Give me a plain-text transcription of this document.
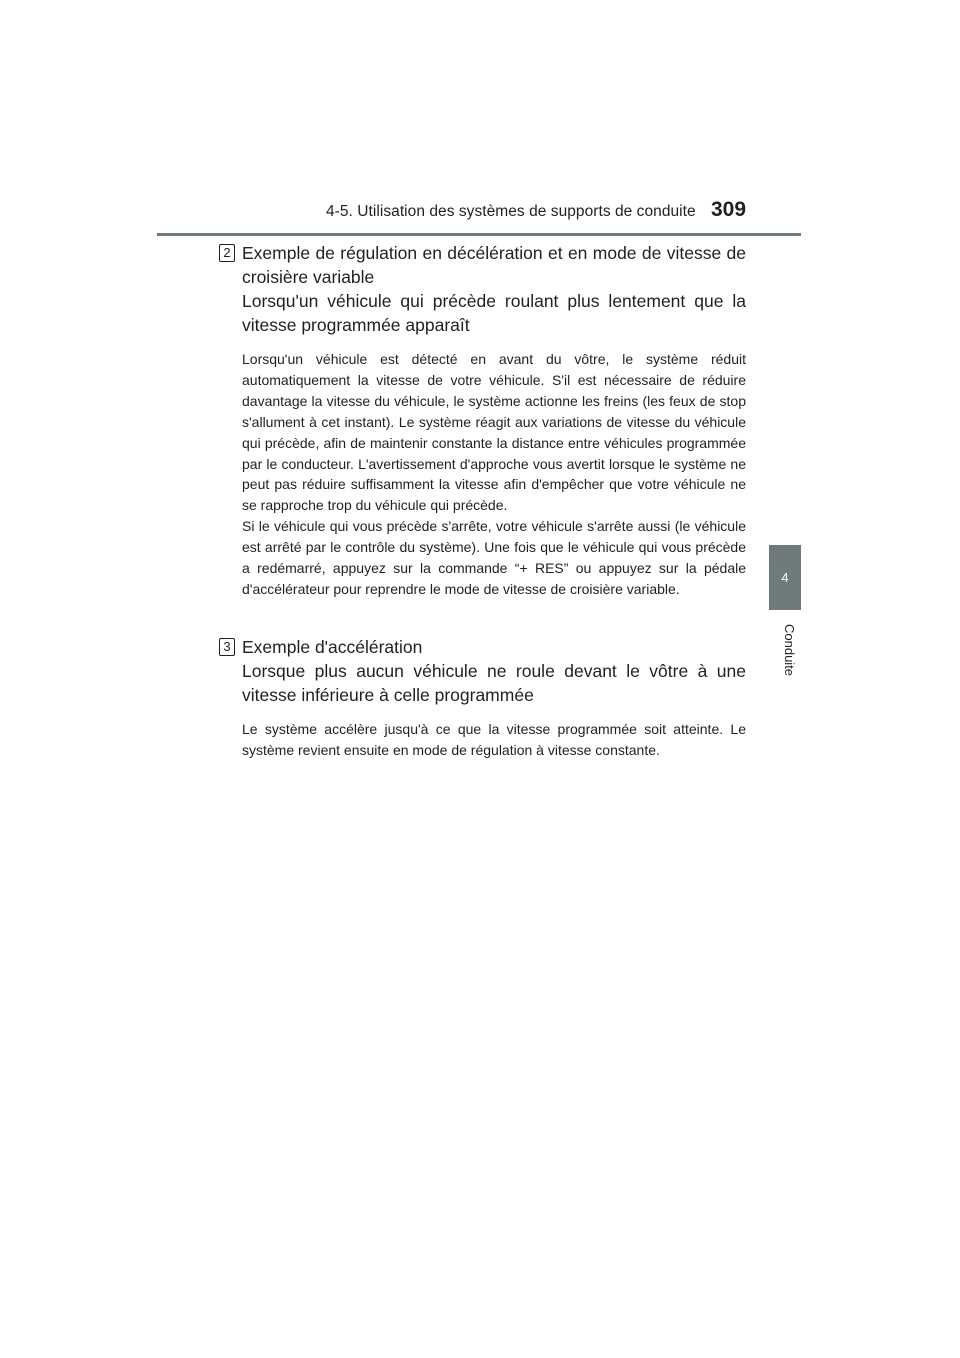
4-5. Utilisation des systèmes de supports de conduite 309
4
Conduite
2 Exemple de régulation en décélération et en mode de vitesse de croisière variable
Lorsqu'un véhicule qui précède roulant plus lentement que la vitesse programmée apparaît

Lorsqu'un véhicule est détecté en avant du vôtre, le système réduit automatiquement la vitesse de votre véhicule. S'il est nécessaire de réduire davantage la vitesse du véhicule, le système actionne les freins (les feux de stop s'allument à cet instant). Le système réagit aux variations de vitesse du véhicule qui précède, afin de maintenir constante la distance entre véhicules programmée par le conducteur. L'avertissement d'approche vous avertit lorsque le système ne peut pas réduire suffisamment la vitesse afin d'empêcher que votre véhicule ne se rapproche trop du véhicule qui précède.

Si le véhicule qui vous précède s'arrête, votre véhicule s'arrête aussi (le véhicule est arrêté par le contrôle du système). Une fois que le véhicule qui vous précède a redémarré, appuyez sur la commande “+ RES” ou appuyez sur la pédale d'accélérateur pour reprendre le mode de vitesse de croisière variable.

3 Exemple d'accélération
Lorsque plus aucun véhicule ne roule devant le vôtre à une vitesse inférieure à celle programmée

Le système accélère jusqu'à ce que la vitesse programmée soit atteinte. Le système revient ensuite en mode de régulation à vitesse constante.
